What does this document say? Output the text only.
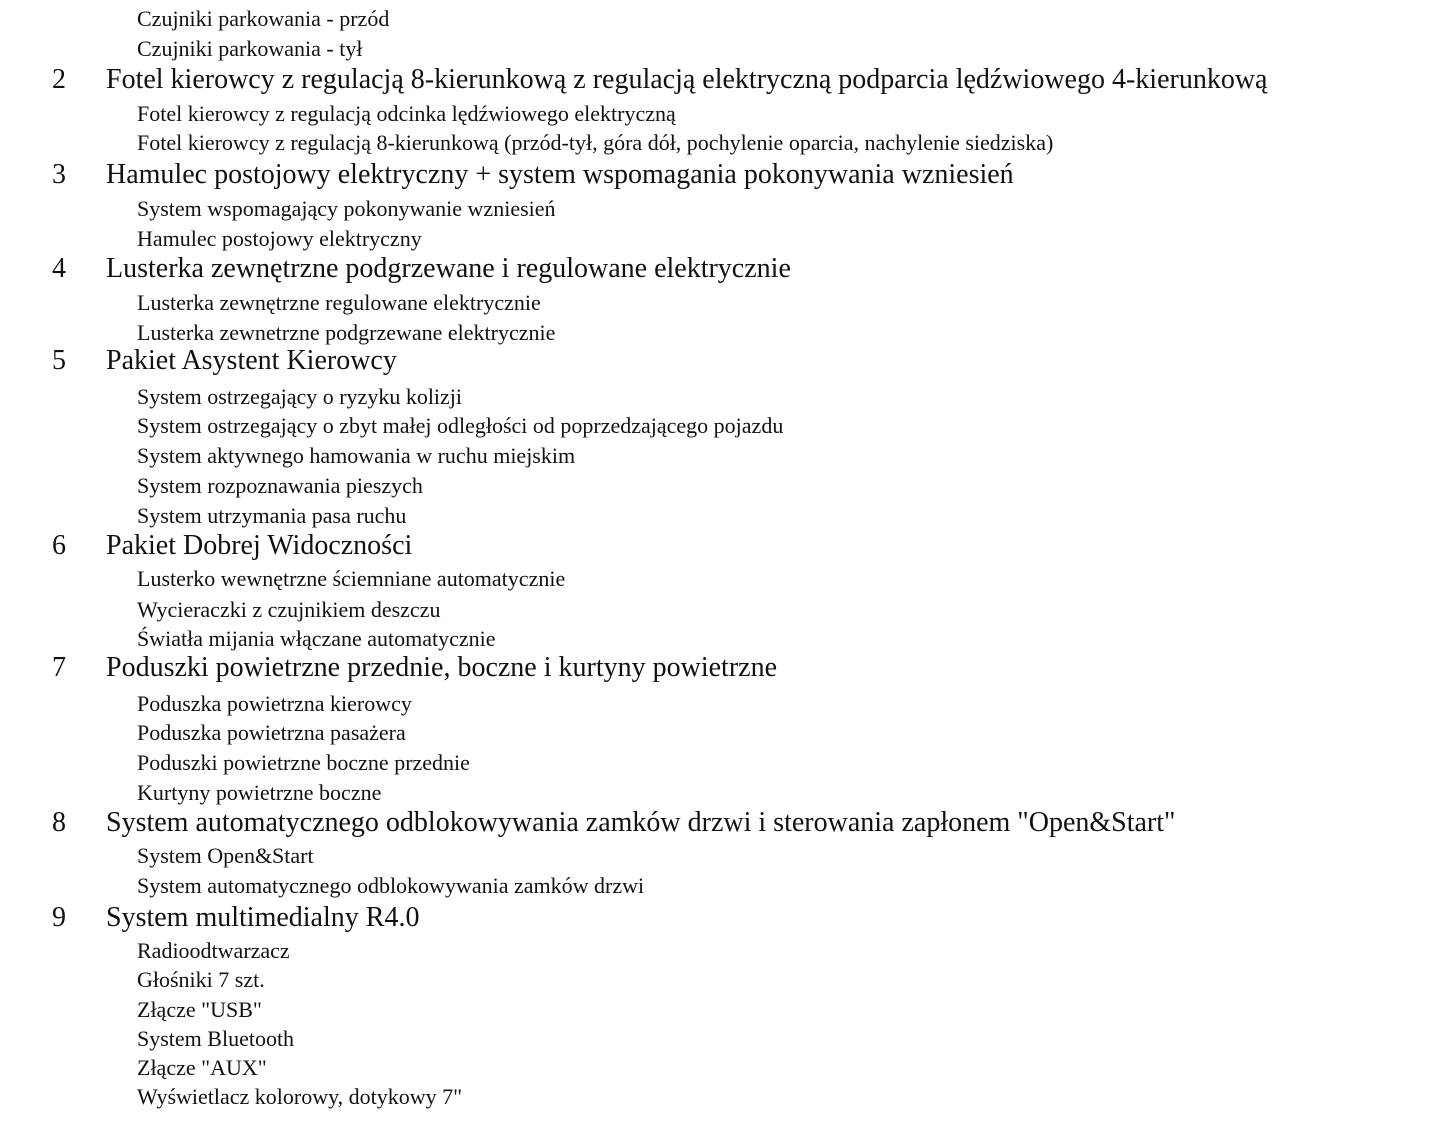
Czujniki parkowania - przód
Czujniki parkowania - tył
2 Fotel kierowcy z regulacją 8-kierunkową z regulacją elektryczną podparcia lędźwiowego 4-kierunkową
Fotel kierowcy z regulacją odcinka lędźwiowego elektryczną
Fotel kierowcy z regulacją 8-kierunkową (przód-tył, góra dół, pochylenie oparcia, nachylenie siedziska)
3 Hamulec postojowy elektryczny + system wspomagania pokonywania wzniesień
System wspomagający pokonywanie wzniesień
Hamulec postojowy elektryczny
4 Lusterka zewnętrzne podgrzewane i regulowane elektrycznie
Lusterka zewnętrzne regulowane elektrycznie
Lusterka zewnetrzne podgrzewane elektrycznie
5 Pakiet Asystent Kierowcy
System ostrzegający o ryzyku kolizji
System ostrzegający o zbyt małej odległości od poprzedzającego pojazdu
System aktywnego hamowania w ruchu miejskim
System rozpoznawania pieszych
System utrzymania pasa ruchu
6 Pakiet Dobrej Widoczności
Lusterko wewnętrzne ściemniane automatycznie
Wycieraczki z czujnikiem deszczu
Światła mijania włączane automatycznie
7 Poduszki powietrzne przednie, boczne i kurtyny powietrzne
Poduszka powietrzna kierowcy
Poduszka powietrzna pasażera
Poduszki powietrzne boczne przednie
Kurtyny powietrzne boczne
8 System automatycznego odblokowywania zamków drzwi i sterowania zapłonem "Open&Start"
System Open&Start
System automatycznego odblokowywania zamków drzwi
9 System multimedialny R4.0
Radioodtwarzacz
Głośniki 7 szt.
Złącze "USB"
System Bluetooth
Złącze "AUX"
Wyświetlacz kolorowy, dotykowy 7"
